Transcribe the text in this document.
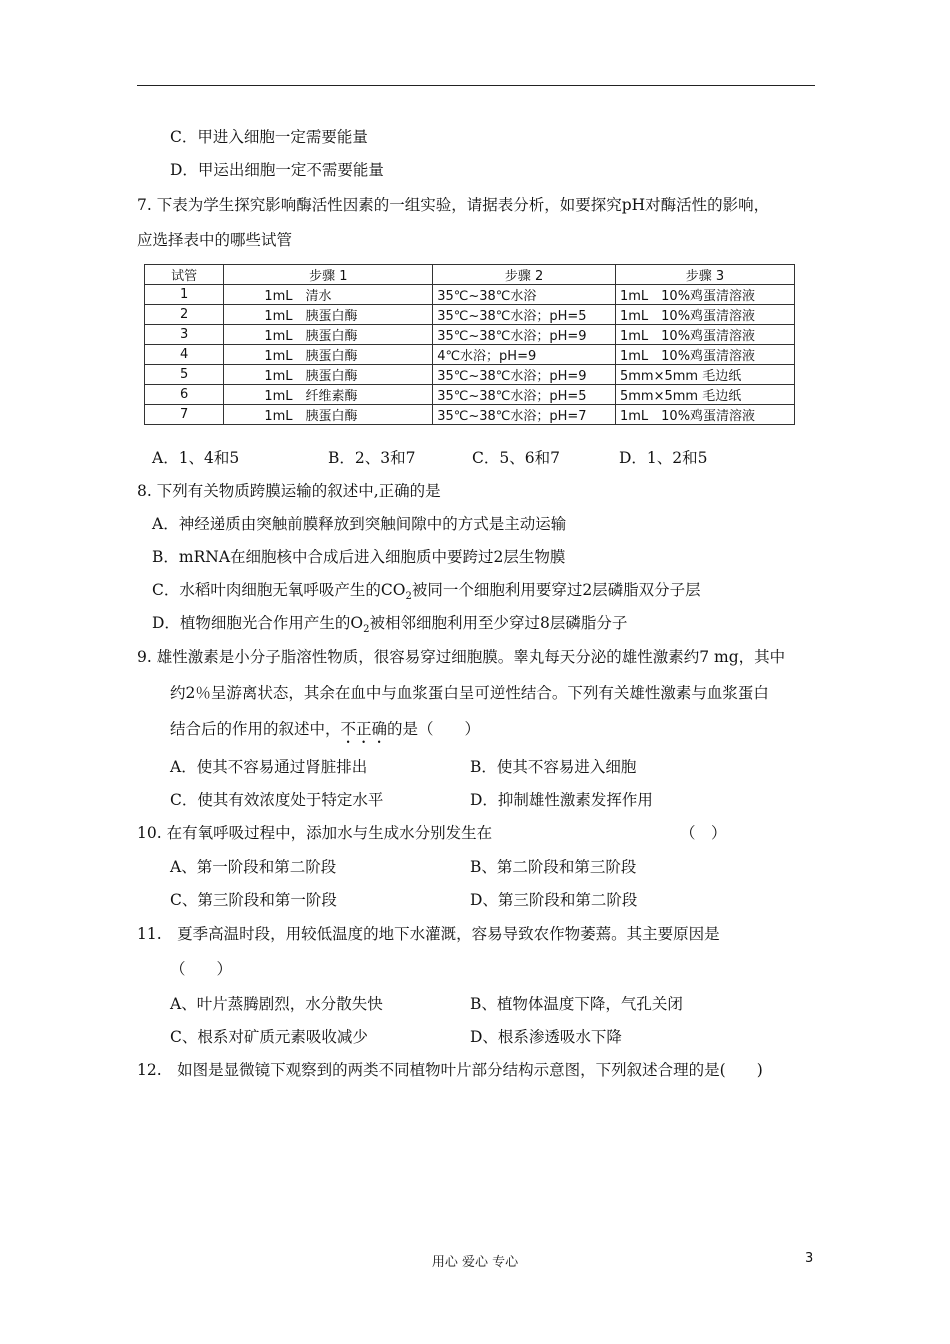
C．甲进入细胞一定需要能量
D．甲运出细胞一定不需要能量
7. 下表为学生探究影响酶活性因素的一组实验，请据表分析，如要探究pH对酶活性的影响，
应选择表中的哪些试管
试管	步骤 1	步骤 2	步骤 3
1	1mL　清水	35℃~38℃水浴	1mL　10%鸡蛋清溶液
2	1mL　胰蛋白酶	35℃~38℃水浴；pH=5	1mL　10%鸡蛋清溶液
3	1mL　胰蛋白酶	35℃~38℃水浴；pH=9	1mL　10%鸡蛋清溶液
4	1mL　胰蛋白酶	4℃水浴；pH=9	1mL　10%鸡蛋清溶液
5	1mL　胰蛋白酶	35℃~38℃水浴；pH=9	5mm×5mm 毛边纸
6	1mL　纤维素酶	35℃~38℃水浴；pH=5	5mm×5mm 毛边纸
7	1mL　胰蛋白酶	35℃~38℃水浴；pH=7	1mL　10%鸡蛋清溶液
A．1、4和5	B．2、3和7	C．5、6和7	D．1、2和5
8. 下列有关物质跨膜运输的叙述中,正确的是
A．神经递质由突触前膜释放到突触间隙中的方式是主动运输
B．mRNA在细胞核中合成后进入细胞质中要跨过2层生物膜
C．水稻叶肉细胞无氧呼吸产生的$CO_2$被同一个细胞利用要穿过2层磷脂双分子层
D．植物细胞光合作用产生的$O_2$被相邻细胞利用至少穿过8层磷脂分子
9. 雄性激素是小分子脂溶性物质，很容易穿过细胞膜。睾丸每天分泌的雄性激素约7 mg，其中
约2％呈游离状态，其余在血中与血浆蛋白呈可逆性结合。下列有关雄性激素与血浆蛋白
结合后的作用的叙述中，不正确的是（　　）
A．使其不容易通过肾脏排出	B．使其不容易进入细胞
C．使其有效浓度处于特定水平	D．抑制雄性激素发挥作用
10. 在有氧呼吸过程中，添加水与生成水分别发生在	（　）
A、第一阶段和第二阶段	B、第二阶段和第三阶段
C、第三阶段和第一阶段	D、第三阶段和第二阶段
11.　夏季高温时段，用较低温度的地下水灌溉，容易导致农作物萎蔫。其主要原因是
（　　）
A、叶片蒸腾剧烈，水分散失快	B、植物体温度下降，气孔关闭
C、根系对矿质元素吸收减少	D、根系渗透吸水下降
12.　如图是显微镜下观察到的两类不同植物叶片部分结构示意图，下列叙述合理的是(　　)
用心 爱心 专心	3
